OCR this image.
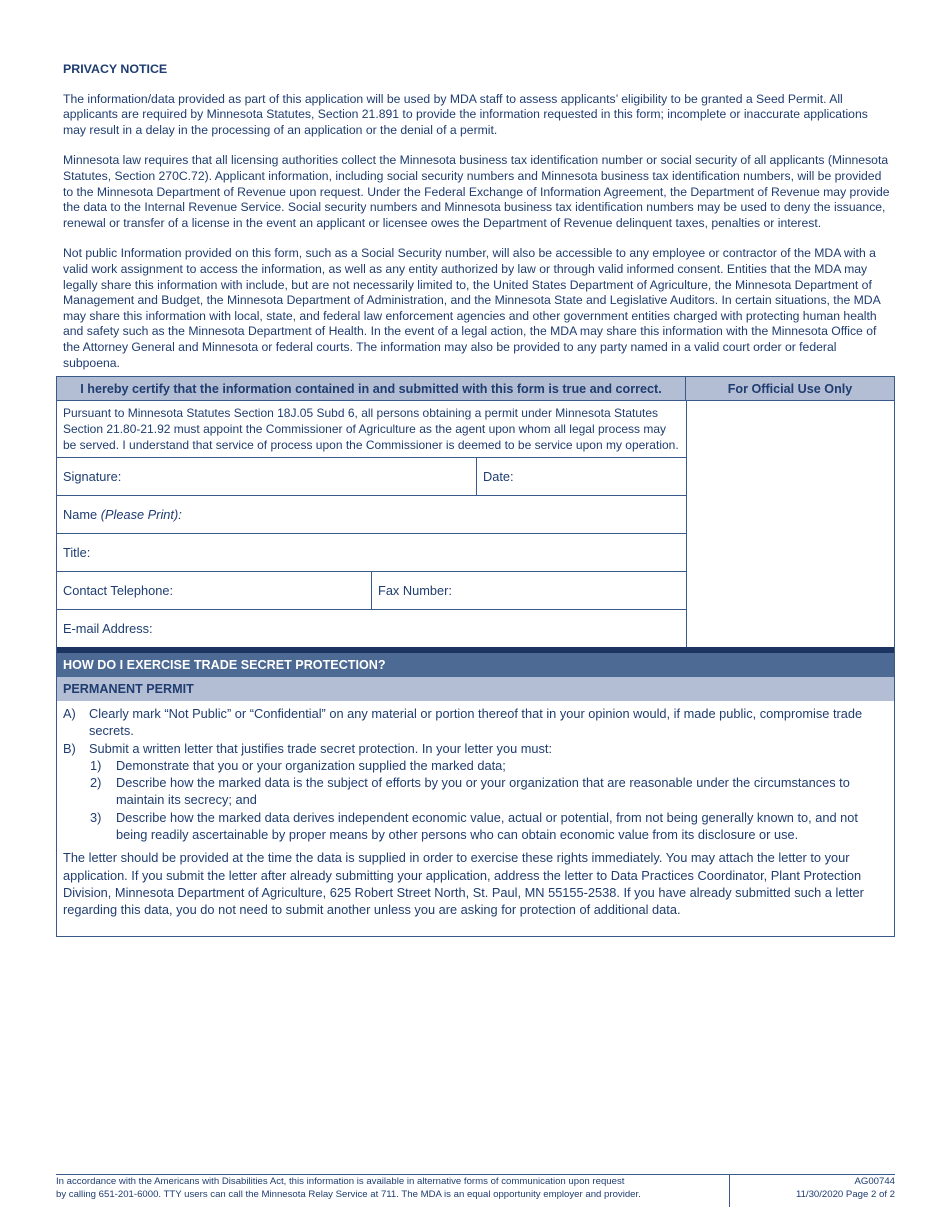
PRIVACY NOTICE

The information/data provided as part of this application will be used by MDA staff to assess applicants’ eligibility to be granted a Seed Permit. All applicants are required by Minnesota Statutes, Section 21.891 to provide the information requested in this form; incomplete or inaccurate applications may result in a delay in the processing of an application or the denial of a permit.

Minnesota law requires that all licensing authorities collect the Minnesota business tax identification number or social security of all applicants (Minnesota Statutes, Section 270C.72). Applicant information, including social security numbers and Minnesota business tax identification numbers, will be provided to the Minnesota Department of Revenue upon request. Under the Federal Exchange of Information Agreement, the Department of Revenue may provide the data to the Internal Revenue Service. Social security numbers and Minnesota business tax identification numbers may be used to deny the issuance, renewal or transfer of a license in the event an applicant or licensee owes the Department of Revenue delinquent taxes, penalties or interest.

Not public Information provided on this form, such as a Social Security number, will also be accessible to any employee or contractor of the MDA with a valid work assignment to access the information, as well as any entity authorized by law or through valid informed consent. Entities that the MDA may legally share this information with include, but are not necessarily limited to, the United States Department of Agriculture, the Minnesota Department of Management and Budget, the Minnesota Department of Administration, and the Minnesota State and Legislative Auditors. In certain situations, the MDA may share this information with local, state, and federal law enforcement agencies and other government entities charged with protecting human health and safety such as the Minnesota Department of Health. In the event of a legal action, the MDA may share this information with the Minnesota Office of the Attorney General and Minnesota or federal courts. The information may also be provided to any party named in a valid court order or federal subpoena.

I hereby certify that the information contained in and submitted with this form is true and correct.	For Official Use Only
Pursuant to Minnesota Statutes Section 18J.05 Subd 6, all persons obtaining a permit under Minnesota Statutes Section 21.80-21.92 must appoint the Commissioner of Agriculture as the agent upon whom all legal process may be served. I understand that service of process upon the Commissioner is deemed to be service upon my operation.
Signature:	Date:
Name (Please Print):
Title:
Contact Telephone:	Fax Number:
E-mail Address:
HOW DO I EXERCISE TRADE SECRET PROTECTION?
PERMANENT PERMIT
A) Clearly mark “Not Public” or “Confidential” on any material or portion thereof that in your opinion would, if made public, compromise trade secrets.
B) Submit a written letter that justifies trade secret protection. In your letter you must:
1) Demonstrate that you or your organization supplied the marked data;
2) Describe how the marked data is the subject of efforts by you or your organization that are reasonable under the circumstances to maintain its secrecy; and
3) Describe how the marked data derives independent economic value, actual or potential, from not being generally known to, and not being readily ascertainable by proper means by other persons who can obtain economic value from its disclosure or use.

The letter should be provided at the time the data is supplied in order to exercise these rights immediately. You may attach the letter to your application. If you submit the letter after already submitting your application, address the letter to Data Practices Coordinator, Plant Protection Division, Minnesota Department of Agriculture, 625 Robert Street North, St. Paul, MN 55155-2538. If you have already submitted such a letter regarding this data, you do not need to submit another unless you are asking for protection of additional data.

In accordance with the Americans with Disabilities Act, this information is available in alternative forms of communication upon request
by calling 651-201-6000. TTY users can call the Minnesota Relay Service at 711. The MDA is an equal opportunity employer and provider.
AG00744
11/30/2020 Page 2 of 2
